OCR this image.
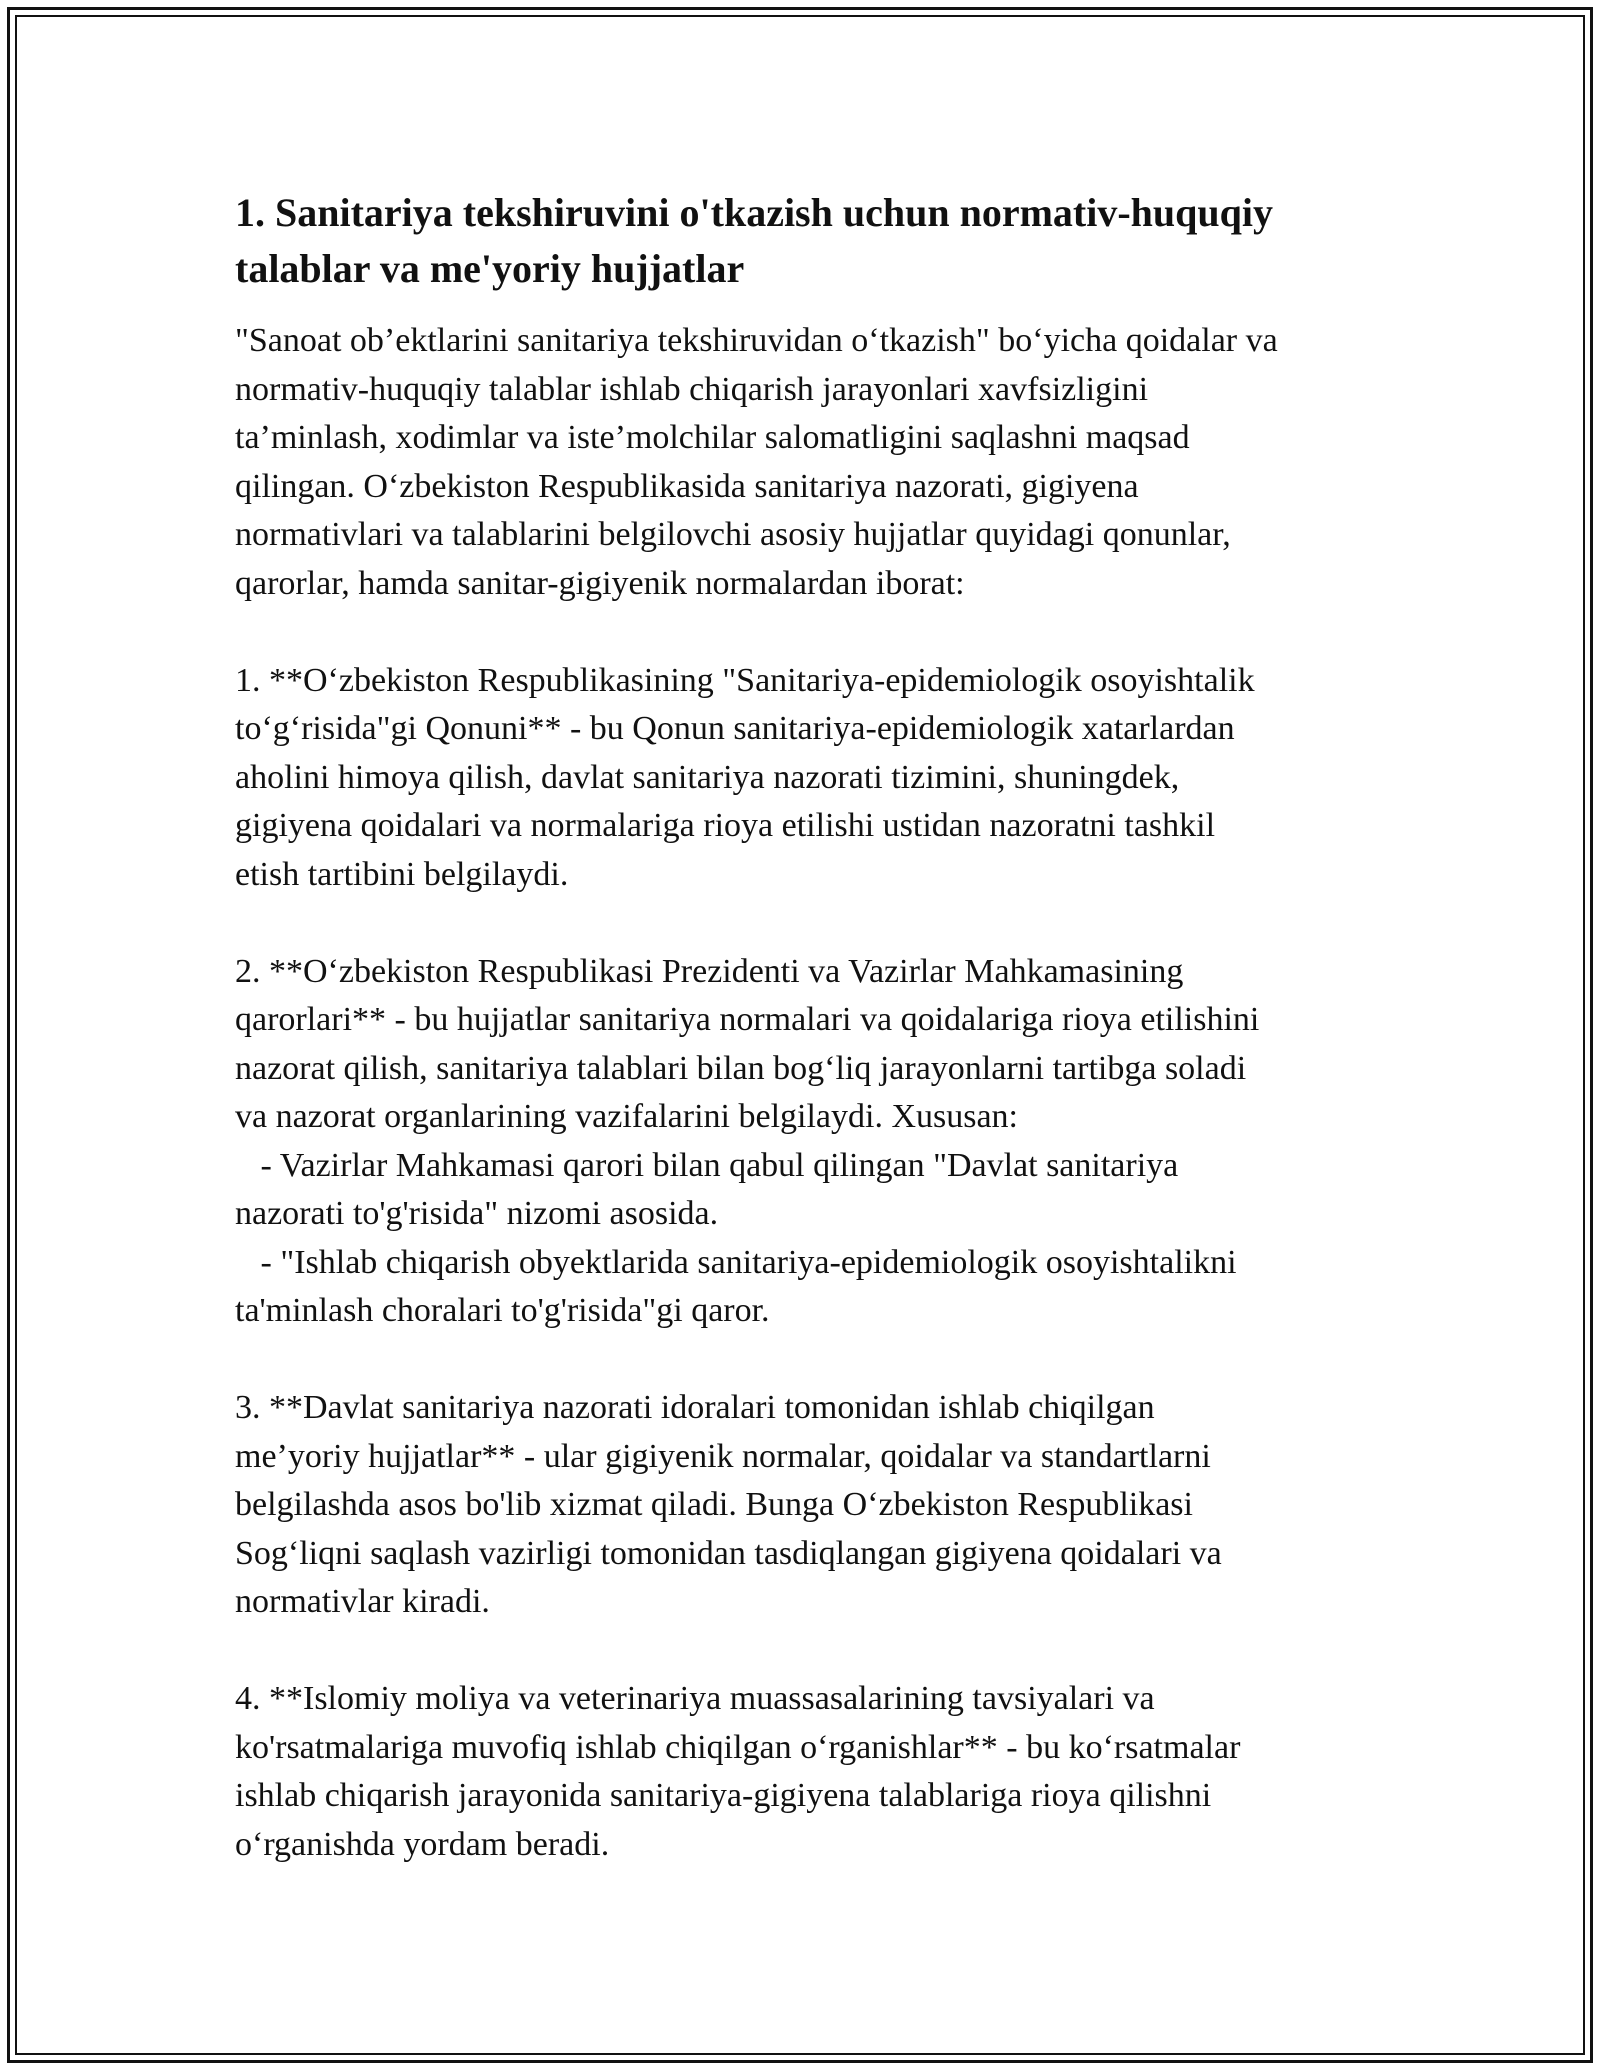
1. Sanitariya tekshiruvini o'tkazish uchun normativ-huquqiy
talablar va me'yoriy hujjatlar

"Sanoat ob’ektlarini sanitariya tekshiruvidan o‘tkazish" bo‘yicha qoidalar va
normativ-huquqiy talablar ishlab chiqarish jarayonlari xavfsizligini
ta’minlash, xodimlar va iste’molchilar salomatligini saqlashni maqsad
qilingan. O‘zbekiston Respublikasida sanitariya nazorati, gigiyena
normativlari va talablarini belgilovchi asosiy hujjatlar quyidagi qonunlar,
qarorlar, hamda sanitar-gigiyenik normalardan iborat:

1. **O‘zbekiston Respublikasining "Sanitariya-epidemiologik osoyishtalik
to‘g‘risida"gi Qonuni** - bu Qonun sanitariya-epidemiologik xatarlardan
aholini himoya qilish, davlat sanitariya nazorati tizimini, shuningdek,
gigiyena qoidalari va normalariga rioya etilishi ustidan nazoratni tashkil
etish tartibini belgilaydi.

2. **O‘zbekiston Respublikasi Prezidenti va Vazirlar Mahkamasining
qarorlari** - bu hujjatlar sanitariya normalari va qoidalariga rioya etilishini
nazorat qilish, sanitariya talablari bilan bog‘liq jarayonlarni tartibga soladi
va nazorat organlarining vazifalarini belgilaydi. Xususan:
- Vazirlar Mahkamasi qarori bilan qabul qilingan "Davlat sanitariya
nazorati to'g'risida" nizomi asosida.
- "Ishlab chiqarish obyektlarida sanitariya-epidemiologik osoyishtalikni
ta'minlash choralari to'g'risida"gi qaror.

3. **Davlat sanitariya nazorati idoralari tomonidan ishlab chiqilgan
me’yoriy hujjatlar** - ular gigiyenik normalar, qoidalar va standartlarni
belgilashda asos bo'lib xizmat qiladi. Bunga O‘zbekiston Respublikasi
Sog‘liqni saqlash vazirligi tomonidan tasdiqlangan gigiyena qoidalari va
normativlar kiradi.

4. **Islomiy moliya va veterinariya muassasalarining tavsiyalari va
ko'rsatmalariga muvofiq ishlab chiqilgan o‘rganishlar** - bu ko‘rsatmalar
ishlab chiqarish jarayonida sanitariya-gigiyena talablariga rioya qilishni
o‘rganishda yordam beradi.
